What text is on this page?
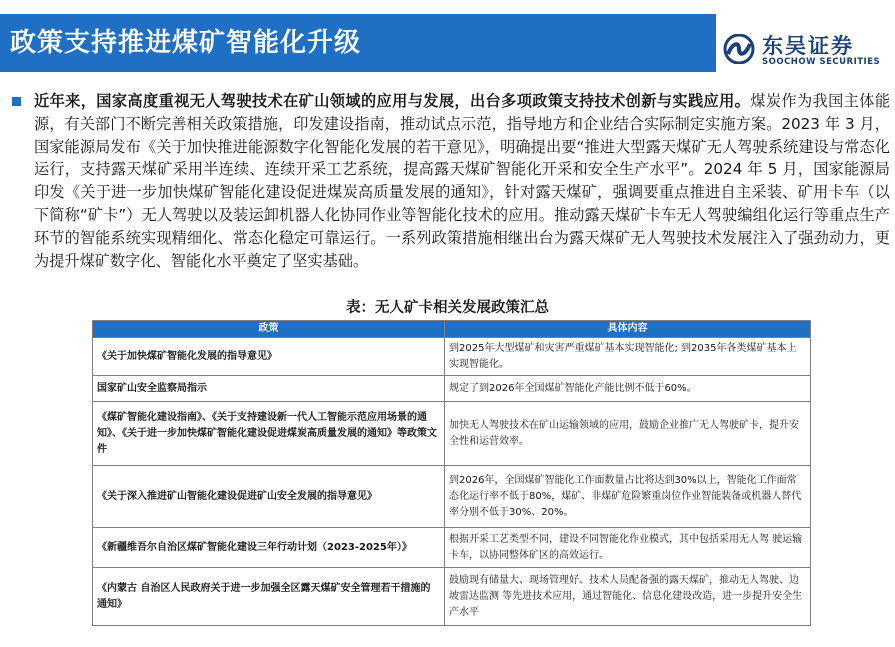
政策支持推进煤矿智能化升级	东吴证券
SOOCHOW SECURITIES
近年来，国家高度重视无人驾驶技术在矿山领域的应用与发展，出台多项政策支持技术创新与实践应用。煤炭作为我国主体能源，有关部门不断完善相关政策措施，印发建设指南，推动试点示范，指导地方和企业结合实际制定实施方案。2023 年 3 月，国家能源局发布《关于加快推进能源数字化智能化发展的若干意见》，明确提出要“推进大型露天煤矿无人驾驶系统建设与常态化运行，支持露天煤矿采用半连续、连续开采工艺系统，提高露天煤矿智能化开采和安全生产水平”。2024 年 5 月，国家能源局印发《关于进一步加快煤矿智能化建设促进煤炭高质量发展的通知》，针对露天煤矿，强调要重点推进自主采装、矿用卡车（以下简称“矿卡”）无人驾驶以及装运卸机器人化协同作业等智能化技术的应用。推动露天煤矿卡车无人驾驶编组化运行等重点生产环节的智能系统实现精细化、常态化稳定可靠运行。一系列政策措施相继出台为露天煤矿无人驾驶技术发展注入了强劲动力，更为提升煤矿数字化、智能化水平奠定了坚实基础。
表：无人矿卡相关发展政策汇总
政策	具体内容
《关于加快煤矿智能化发展的指导意见》	到2025年大型煤矿和灾害严重煤矿基本实现智能化; 到2035年各类煤矿基本上实现智能化。
国家矿山安全监察局指示	规定了到2026年全国煤矿智能化产能比例不低于60%。
《煤矿智能化建设指南》、《关于支持建设新一代人工智能示范应用场景的通知》、《关于进一步加快煤矿智能化建设促进煤炭高质量发展的通知》等政策文件	加快无人驾驶技术在矿山运输领域的应用，鼓励企业推广无人驾驶矿卡，提升安全性和运营效率。
《关于深入推进矿山智能化建设促进矿山安全发展的指导意见》	到2026年，全国煤矿智能化工作面数量占比将达到30%以上，智能化工作面常态化运行率不低于80%，煤矿、非煤矿危险繁重岗位作业智能装备或机器人替代率分别不低于30%、20%。
《新疆维吾尔自治区煤矿智能化建设三年行动计划（2023-2025年）》	根据开采工艺类型不同，建设不同智能化作业模式，其中包括采用无人驾 驶运输卡车，以协同整体矿区的高效运行。
《内蒙古 自治区人民政府关于进一步加强全区露天煤矿安全管理若干措施的通知》	鼓励现有储量大、现场管理好、技术人员配备强的露天煤矿，推动无人驾驶、边坡雷达监测 等先进技术应用，通过智能化、信息化建设改造，进一步提升安全生产水平
